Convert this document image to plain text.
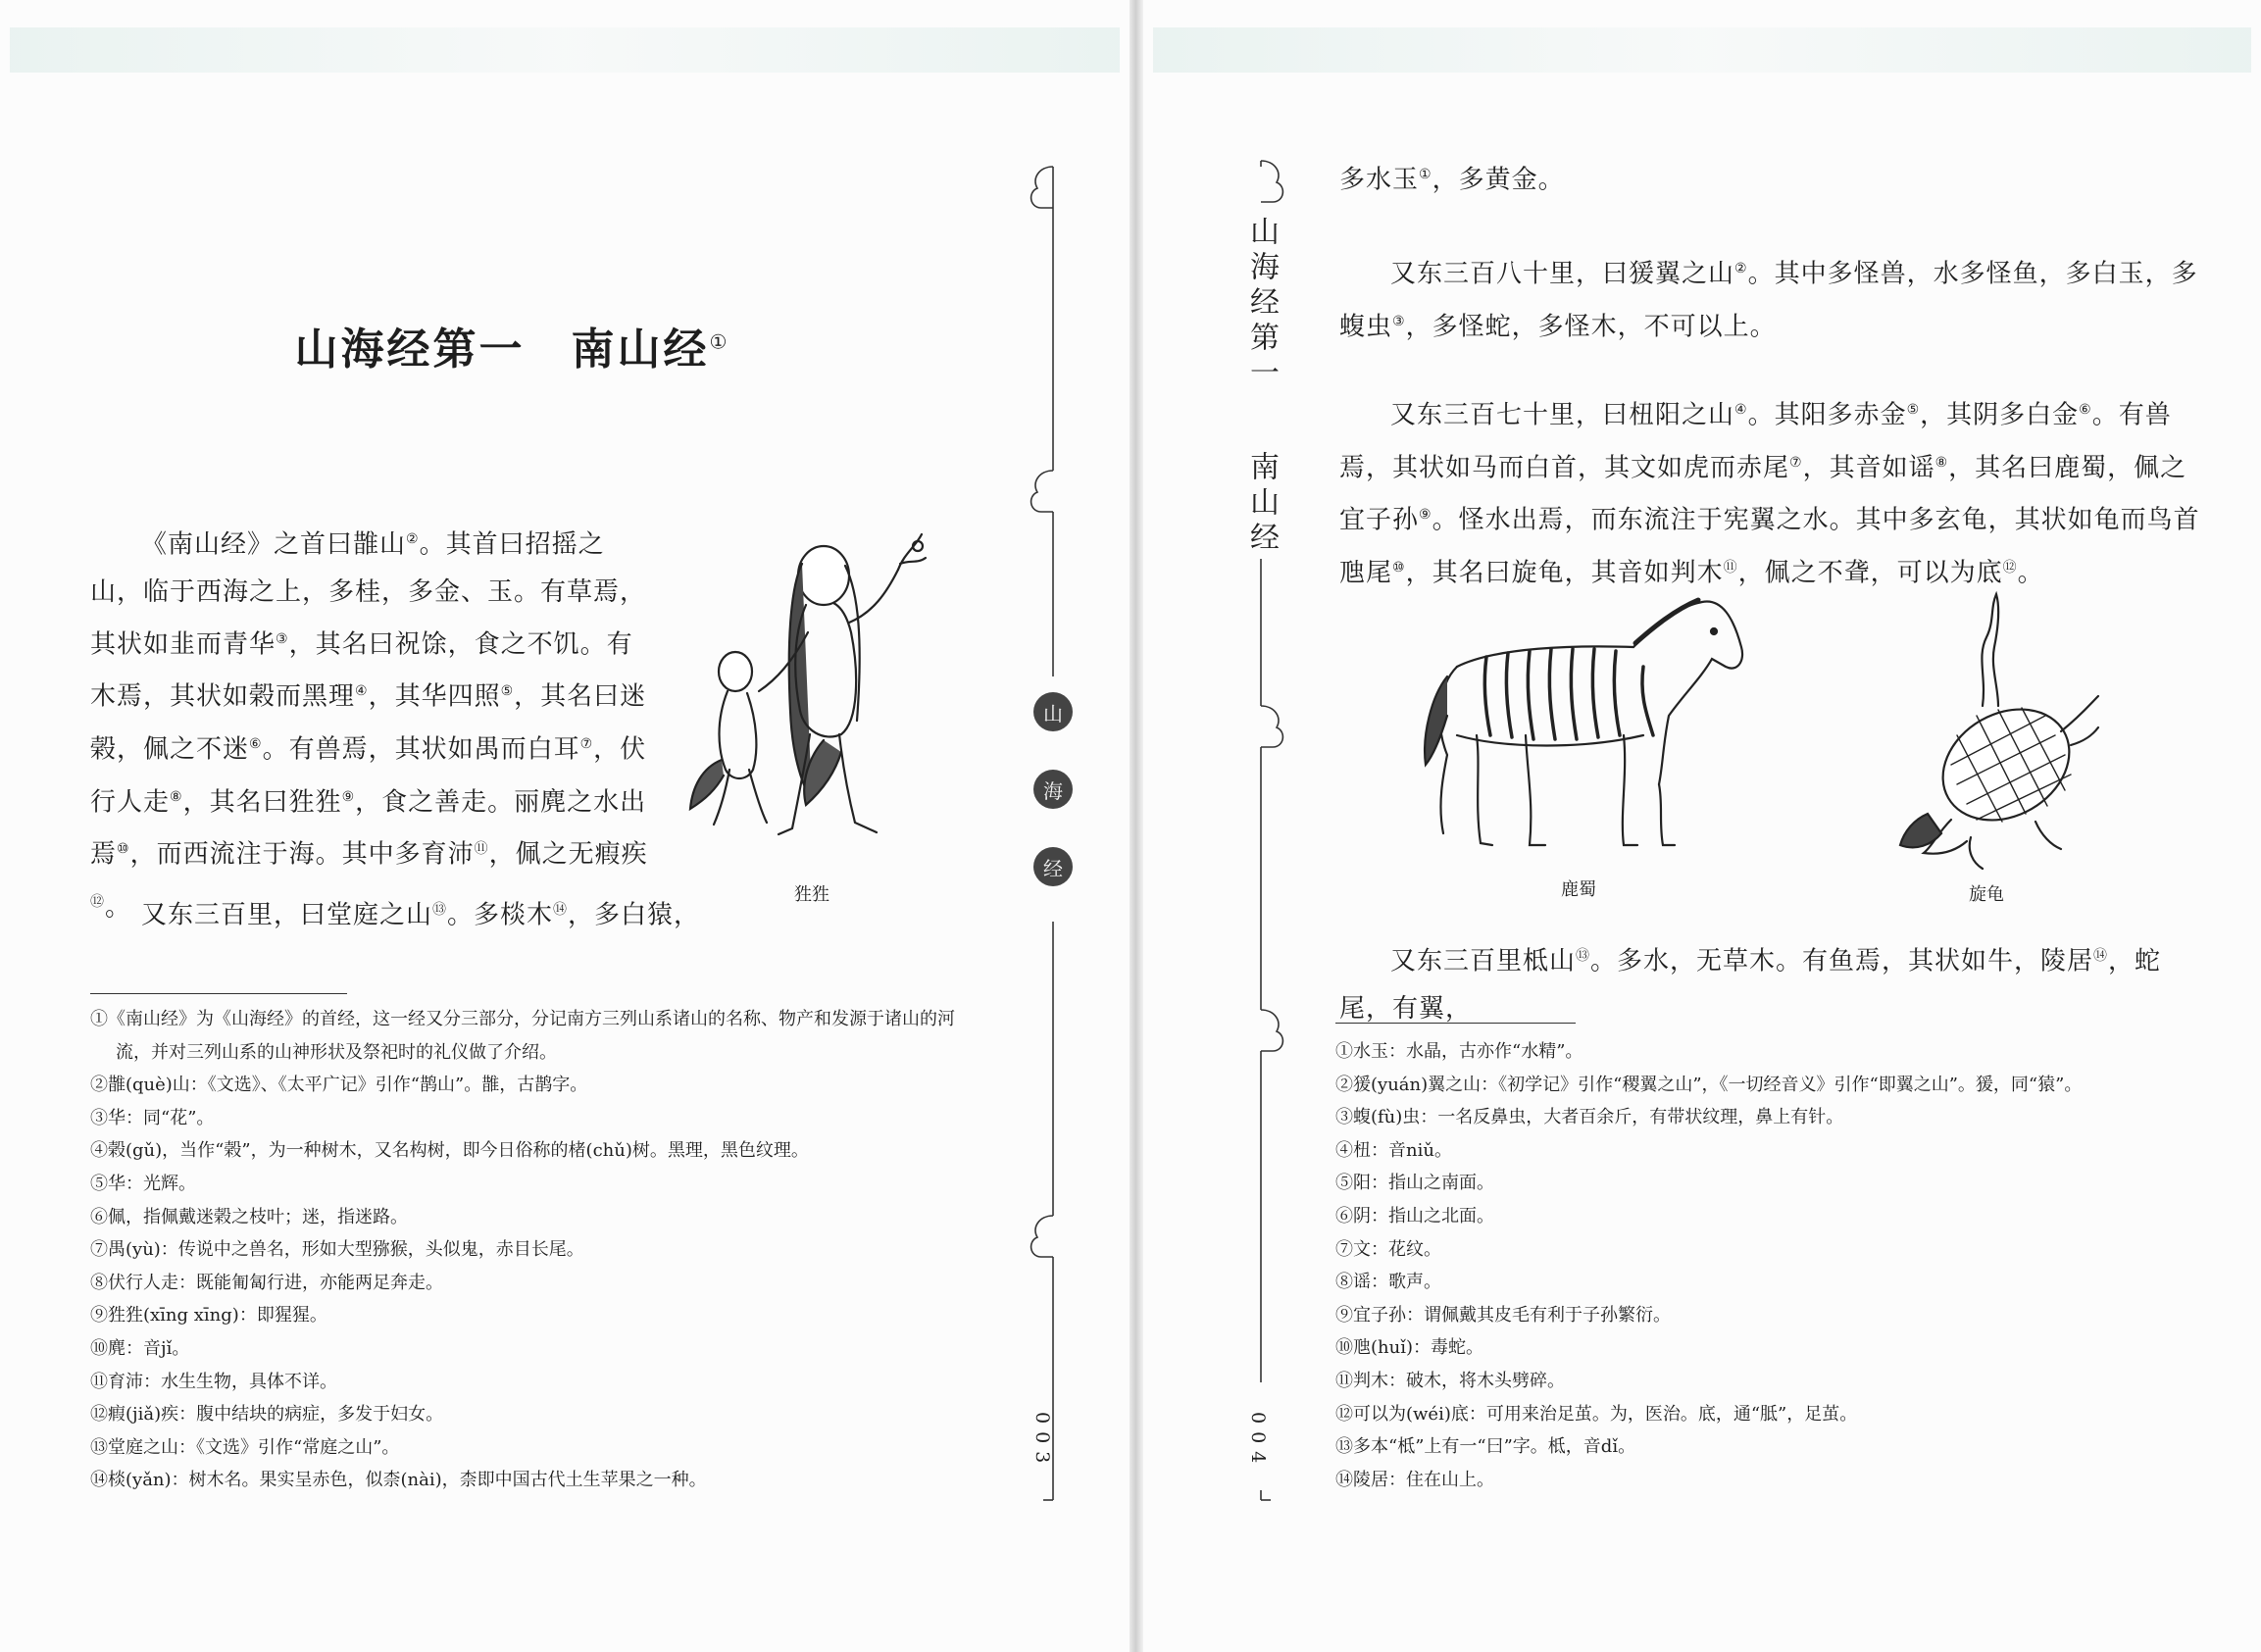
山海经第一　南山经①

《南山经》之首曰䧿山②。其首曰招摇之山，临于西海之上，多桂，多金、玉。有草焉，其状如韭而青华③，其名曰祝馀，食之不饥。有木焉，其状如榖而黑理④，其华四照⑤，其名曰迷榖，佩之不迷⑥。有兽焉，其状如禺而白耳⑦，伏行人走⑧，其名曰狌狌⑨，食之善走。丽麂之水出焉⑩，而西流注于海。其中多育沛⑪，佩之无瘕疾⑫。	狌狌

又东三百里，曰堂庭之山⑬。多棪木⑭，多白猿，

①《南山经》为《山海经》的首经，这一经又分三部分，分记南方三列山系诸山的名称、物产和发源于诸山的河流，并对三列山系的山神形状及祭祀时的礼仪做了介绍。
②䧿(què)山：《文选》、《太平广记》引作“鹊山”。䧿，古鹊字。
③华：同“花”。
④榖(gǔ)，当作“榖”，为一种树木，又名构树，即今日俗称的楮(chǔ)树。黑理，黑色纹理。
⑤华：光辉。
⑥佩，指佩戴迷榖之枝叶；迷，指迷路。
⑦禺(yù)：传说中之兽名，形如大型猕猴，头似鬼，赤目长尾。
⑧伏行人走：既能匍匐行进，亦能两足奔走。
⑨狌狌(xīng xīng)：即猩猩。
⑩麂：音jǐ。
⑪育沛：水生生物，具体不详。
⑫瘕(jiǎ)疾：腹中结块的病症，多发于妇女。
⑬堂庭之山：《文选》引作“常庭之山”。
⑭棪(yǎn)：树木名。果实呈赤色，似柰(nài)，柰即中国古代土生苹果之一种。
山
海
经
003
山海经第一
南山经
004

多水玉①，多黄金。

又东三百八十里，曰猨翼之山②。其中多怪兽，水多怪鱼，多白玉，多蝮虫③，多怪蛇，多怪木，不可以上。

又东三百七十里，曰杻阳之山④。其阳多赤金⑤，其阴多白金⑥。有兽焉，其状如马而白首，其文如虎而赤尾⑦，其音如谣⑧，其名曰鹿蜀，佩之宜子孙⑨。怪水出焉，而东流注于宪翼之水。其中多玄龟，其状如龟而鸟首虺尾⑩，其名曰旋龟，其音如判木⑪，佩之不聋，可以为底⑫。

鹿蜀	旋龟

又东三百里柢山⑬。多水，无草木。有鱼焉，其状如牛，陵居⑭，蛇尾，有翼，

①水玉：水晶，古亦作“水精”。
②猨(yuán)翼之山：《初学记》引作“稷翼之山”，《一切经音义》引作“即翼之山”。猨，同“猿”。
③蝮(fù)虫：一名反鼻虫，大者百余斤，有带状纹理，鼻上有针。
④杻：音niǔ。
⑤阳：指山之南面。
⑥阴：指山之北面。
⑦文：花纹。
⑧谣：歌声。
⑨宜子孙：谓佩戴其皮毛有利于子孙繁衍。
⑩虺(huǐ)：毒蛇。
⑪判木：破木，将木头劈碎。
⑫可以为(wéi)底：可用来治足茧。为，医治。底，通“胝”，足茧。
⑬多本“柢”上有一“曰”字。柢，音dǐ。
⑭陵居：住在山上。
